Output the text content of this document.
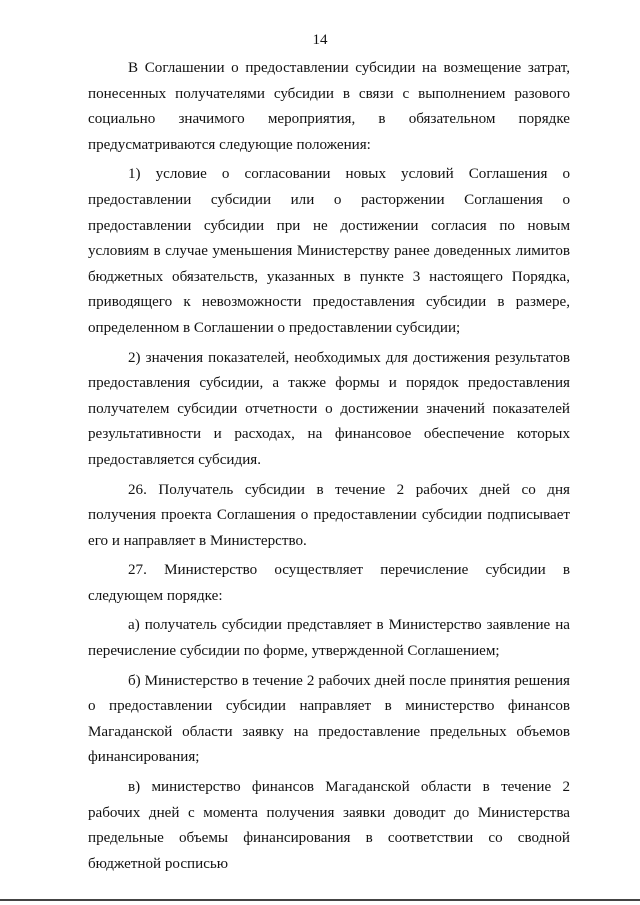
14

В Соглашении о предоставлении субсидии на возмещение затрат, понесенных получателями субсидии в связи с выполнением разового социально значимого мероприятия, в обязательном порядке предусматриваются следующие положения:

1) условие о согласовании новых условий Соглашения о предоставлении субсидии или о расторжении Соглашения о предоставлении субсидии при не достижении согласия по новым условиям в случае уменьшения Министерству ранее доведенных лимитов бюджетных обязательств, указанных в пункте 3 настоящего Порядка, приводящего к невозможности предоставления субсидии в размере, определенном в Соглашении о предоставлении субсидии;

2) значения показателей, необходимых для достижения результатов предоставления субсидии, а также формы и порядок предоставления получателем субсидии отчетности о достижении значений показателей результативности и расходах, на финансовое обеспечение которых предоставляется субсидия.

26. Получатель субсидии в течение 2 рабочих дней со дня получения проекта Соглашения о предоставлении субсидии подписывает его и направляет в Министерство.

27. Министерство осуществляет перечисление субсидии в следующем порядке:

а) получатель субсидии представляет в Министерство заявление на перечисление субсидии по форме, утвержденной Соглашением;

б) Министерство в течение 2 рабочих дней после принятия решения о предоставлении субсидии направляет в министерство финансов Магаданской области заявку на предоставление предельных объемов финансирования;

в) министерство финансов Магаданской области в течение 2 рабочих дней с момента получения заявки доводит до Министерства предельные объемы финансирования в соответствии со сводной бюджетной росписью
